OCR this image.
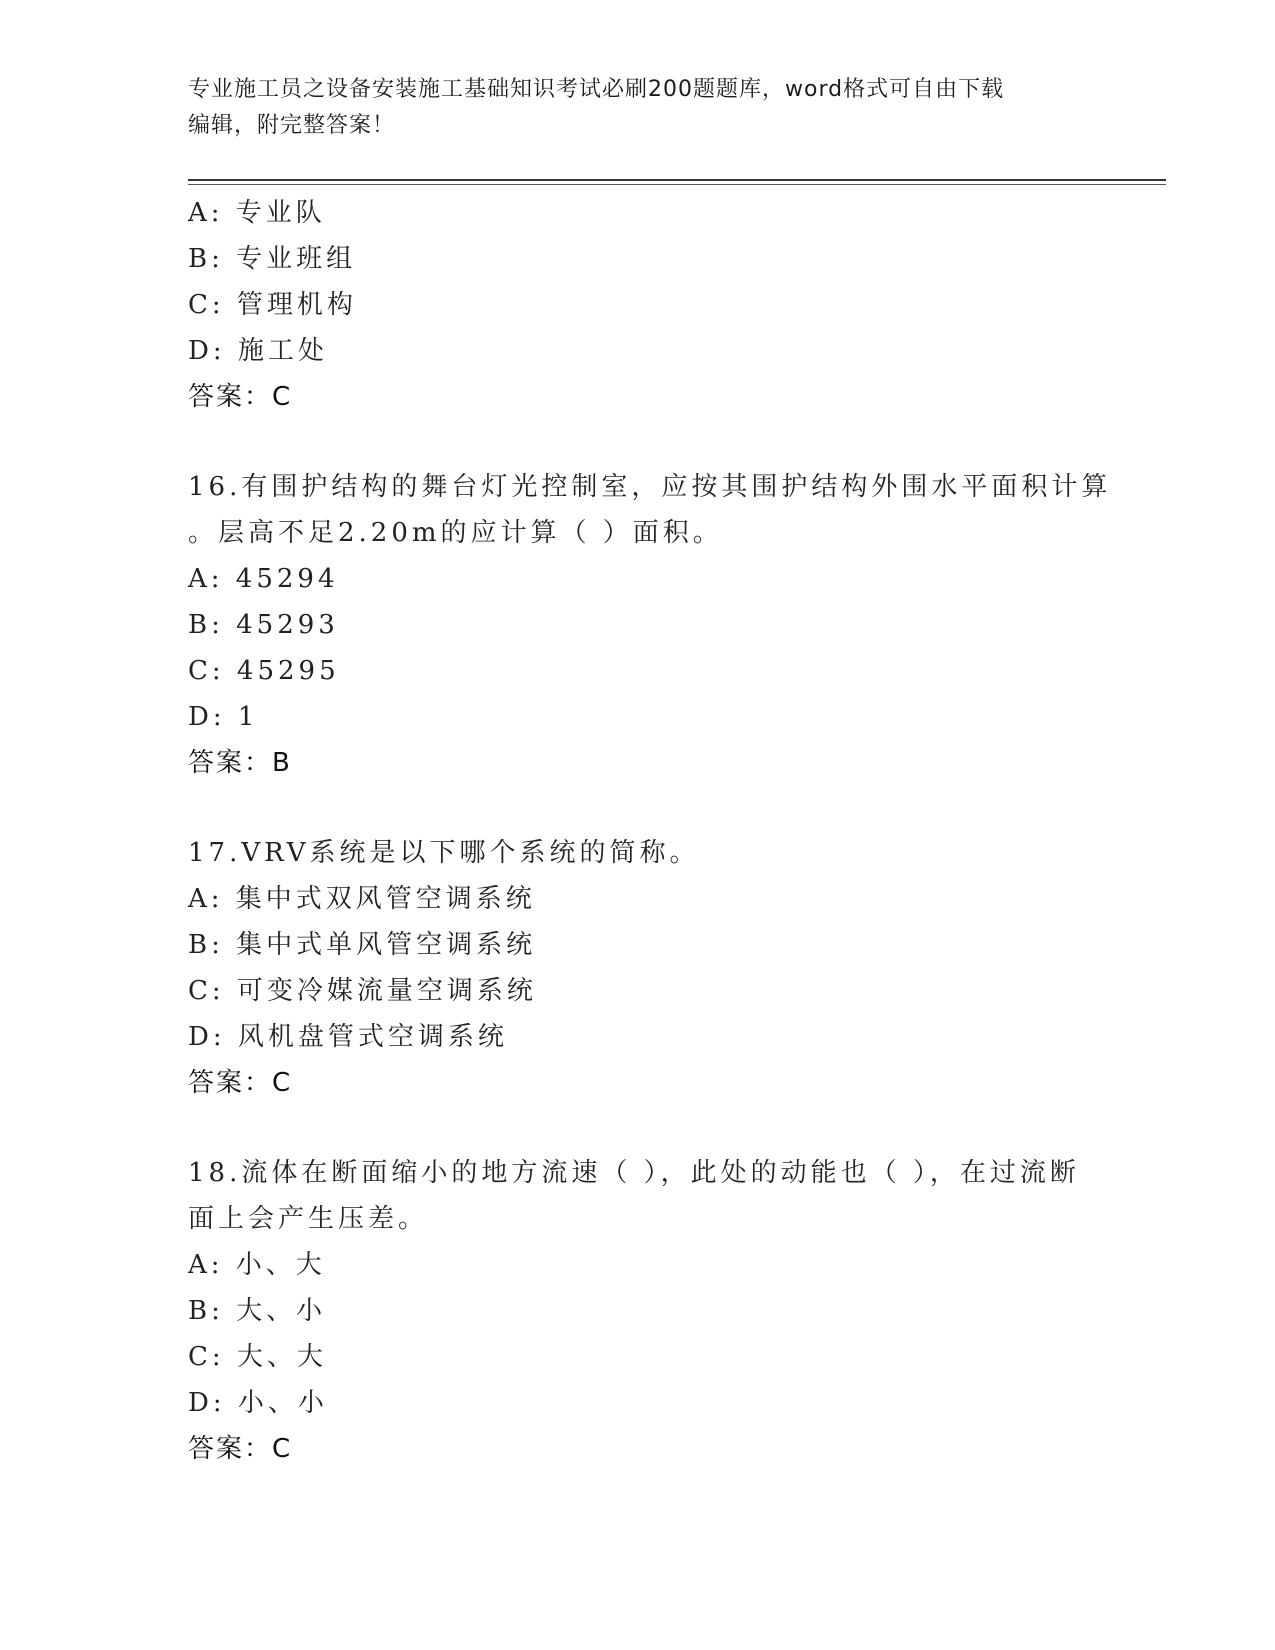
专业施工员之设备安装施工基础知识考试必刷200题题库，word格式可自由下载
编辑，附完整答案！
A: 专业队
B: 专业班组
C: 管理机构
D: 施工处
答案：C
16.有围护结构的舞台灯光控制室，应按其围护结构外围水平面积计算
。层高不足2.20m的应计算（ ）面积。
A: 45294
B: 45293
C: 45295
D: 1
答案：B
17.VRV系统是以下哪个系统的简称。
A: 集中式双风管空调系统
B: 集中式单风管空调系统
C: 可变冷媒流量空调系统
D: 风机盘管式空调系统
答案：C
18.流体在断面缩小的地方流速（ ），此处的动能也（ ），在过流断
面上会产生压差。
A: 小、大
B: 大、小
C: 大、大
D: 小、小
答案：C
